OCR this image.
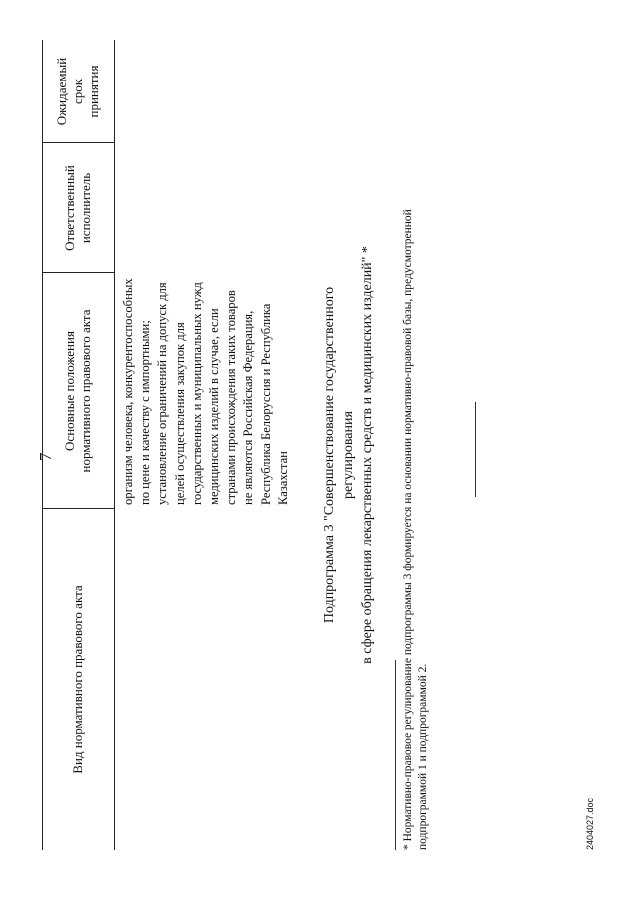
7
Вид нормативного правового акта
Основные положения нормативного правового акта
Ответственный исполнитель
Ожидаемый срок принятия
организм человека, конкурентоспособных по цене и качеству с импортными; установление ограничений на допуск для целей осуществления закупок для государственных и муниципальных нужд медицинских изделий в случае, если странами происхождения таких товаров не являются Российская Федерация, Республика Белоруссия и Республика Казахстан Подпрограмма 3 "Совершенствование государственного регулирования в сфере обращения лекарственных средств и медицинских изделий" * * Нормативно-правовое регулирование подпрограммы 3 формируется на основании нормативно-правовой базы, предусмотренной подпрограммой 1 и подпрограммой 2.	2404027.doc
